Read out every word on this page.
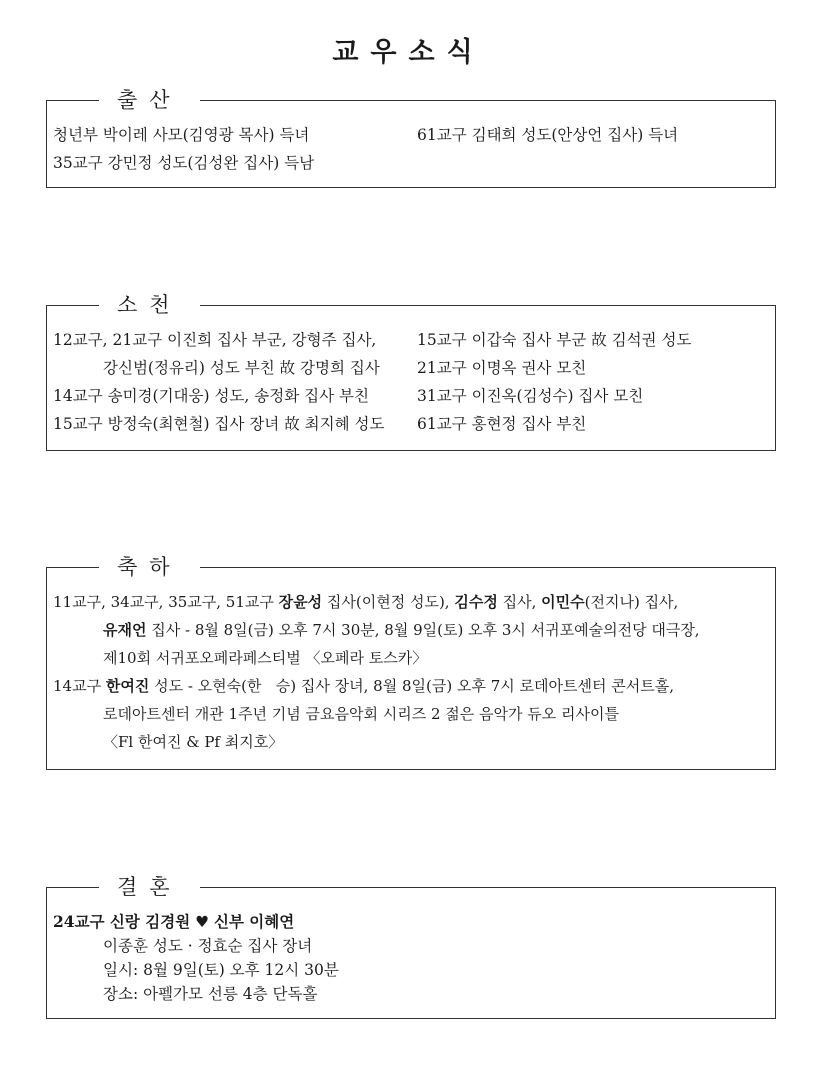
교우소식
출산
청년부 박이레 사모(김영광 목사) 득녀
35교구 강민정 성도(김성완 집사) 득남
61교구 김태희 성도(안상언 집사) 득녀
소천
12교구, 21교구 이진희 집사 부군, 강형주 집사,
강신범(정유리) 성도 부친 故 강명희 집사
14교구 송미경(기대웅) 성도, 송정화 집사 부친
15교구 방정숙(최현철) 집사 장녀 故 최지혜 성도
15교구 이갑숙 집사 부군 故 김석권 성도
21교구 이명옥 권사 모친
31교구 이진옥(김성수) 집사 모친
61교구 홍현정 집사 부친
축하
11교구, 34교구, 35교구, 51교구 장윤성 집사(이현정 성도), 김수정 집사, 이민수(전지나) 집사,
유재언 집사 - 8월 8일(금) 오후 7시 30분, 8월 9일(토) 오후 3시 서귀포예술의전당 대극장,
제10회 서귀포오페라페스티벌 〈오페라 토스카〉
14교구 한여진 성도 - 오현숙(한   승) 집사 장녀, 8월 8일(금) 오후 7시 로데아트센터 콘서트홀,
로데아트센터 개관 1주년 기념 금요음악회 시리즈 2 젊은 음악가 듀오 리사이틀
〈Fl 한여진 & Pf 최지호〉
결혼
24교구 신랑 김경원 ♥ 신부 이혜연
이종훈 성도 · 정효순 집사 장녀
일시: 8월 9일(토) 오후 12시 30분
장소: 아펠가모 선릉 4층 단독홀
